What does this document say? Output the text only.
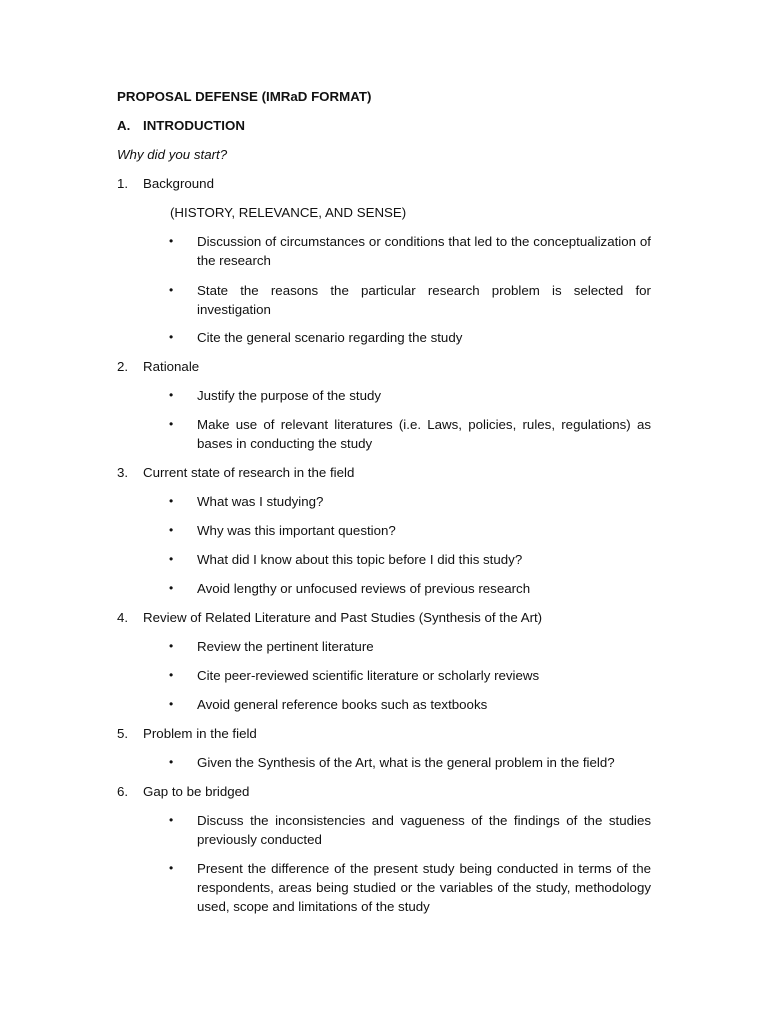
PROPOSAL DEFENSE (IMRaD FORMAT)
A. INTRODUCTION
Why did you start?
1. Background
(HISTORY, RELEVANCE, AND SENSE)
• Discussion of circumstances or conditions that led to the conceptualization of the research
• State the reasons the particular research problem is selected for investigation
• Cite the general scenario regarding the study
2. Rationale
• Justify the purpose of the study
• Make use of relevant literatures (i.e. Laws, policies, rules, regulations) as bases in conducting the study
3. Current state of research in the field
• What was I studying?
• Why was this important question?
• What did I know about this topic before I did this study?
• Avoid lengthy or unfocused reviews of previous research
4. Review of Related Literature and Past Studies (Synthesis of the Art)
• Review the pertinent literature
• Cite peer-reviewed scientific literature or scholarly reviews
• Avoid general reference books such as textbooks
5. Problem in the field
• Given the Synthesis of the Art, what is the general problem in the field?
6. Gap to be bridged
• Discuss the inconsistencies and vagueness of the findings of the studies previously conducted
• Present the difference of the present study being conducted in terms of the respondents, areas being studied or the variables of the study, methodology used, scope and limitations of the study
